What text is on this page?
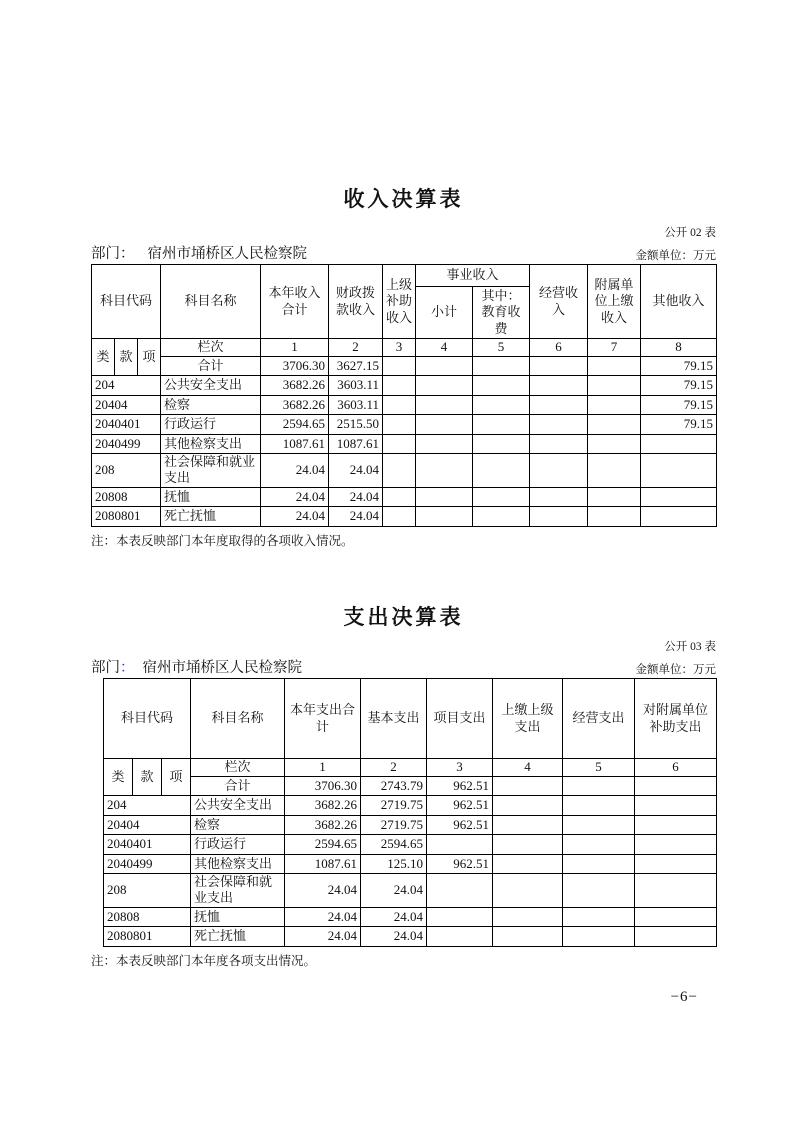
收入决算表
公开 02 表
部门： 宿州市埇桥区人民检察院	金额单位：万元
科目代码			科目名称	本年收入合计	财政拨款收入	上级补助收入	事业收入		经营收入	附属单位上缴收入	其他收入
							小计	其中：教育收费			
类	款	项	栏次	1	2	3	4	5	6	7	8
			合计	3706.30	3627.15						79.15
204			公共安全支出	3682.26	3603.11						79.15
20404			检察	3682.26	3603.11						79.15
2040401			行政运行	2594.65	2515.50						79.15
2040499			其他检察支出	1087.61	1087.61						
208			社会保障和就业支出	24.04	24.04						
20808			抚恤	24.04	24.04						
2080801			死亡抚恤	24.04	24.04						
注：本表反映部门本年度取得的各项收入情况。
支出决算表
公开 03 表
部门： 宿州市埇桥区人民检察院	金额单位：万元
科目代码			科目名称	本年支出合计	基本支出	项目支出	上缴上级支出	经营支出	对附属单位补助支出
类	款	项	栏次	1	2	3	4	5	6
			合计	3706.30	2743.79	962.51			
204			公共安全支出	3682.26	2719.75	962.51			
20404			检察	3682.26	2719.75	962.51			
2040401			行政运行	2594.65	2594.65				
2040499			其他检察支出	1087.61	125.10	962.51			
208			社会保障和就业支出	24.04	24.04				
20808			抚恤	24.04	24.04				
2080801			死亡抚恤	24.04	24.04				
注：本表反映部门本年度各项支出情况。
−6−
